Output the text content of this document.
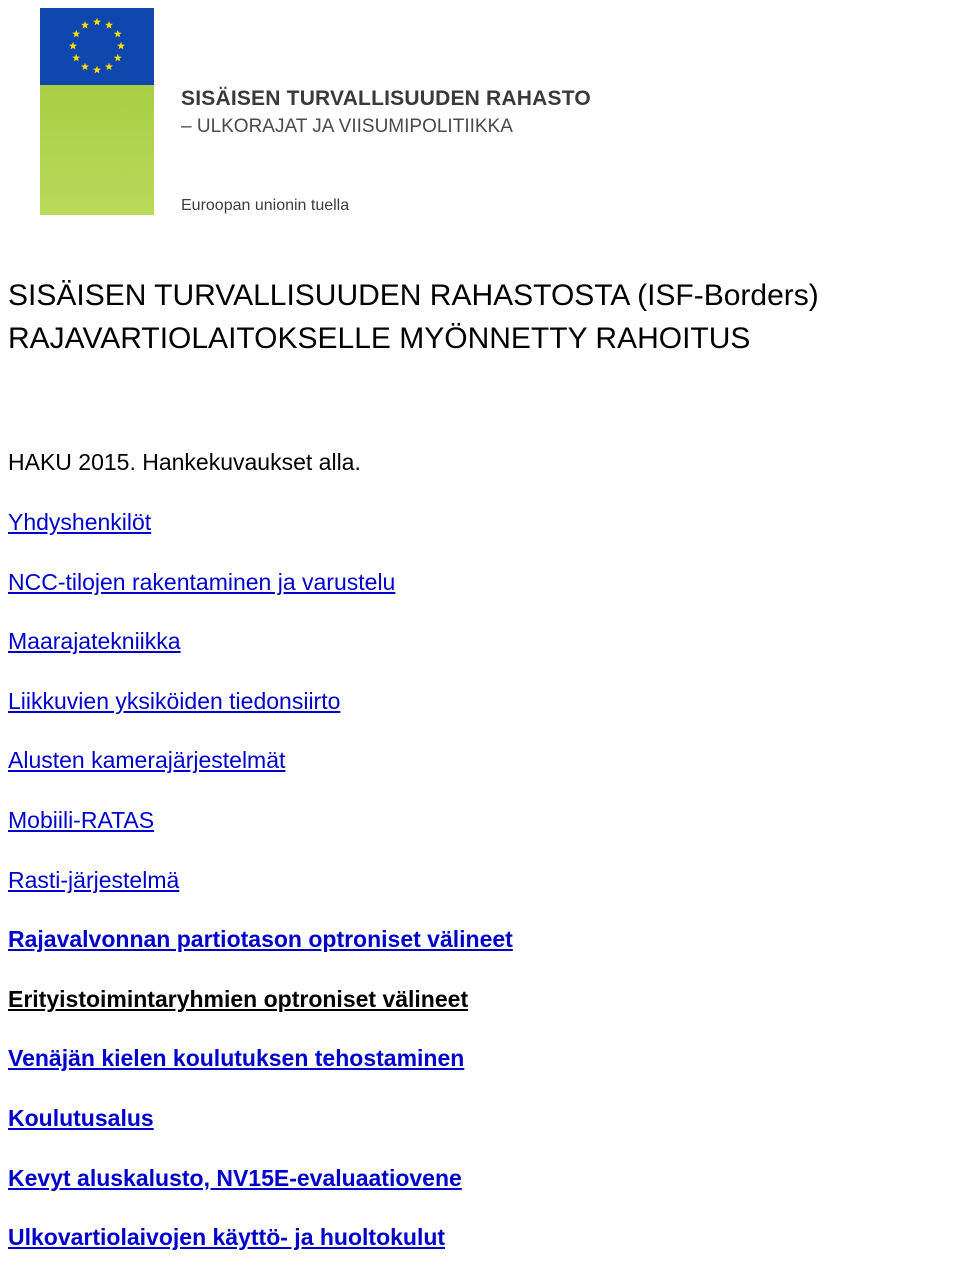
SISÄISEN TURVALLISUUDEN RAHASTO
– ULKORAJAT JA VIISUMIPOLITIIKKA
Euroopan unionin tuella
SISÄISEN TURVALLISUUDEN RAHASTOSTA (ISF-Borders)
RAJAVARTIOLAITOKSELLE MYÖNNETTY RAHOITUS
HAKU 2015. Hankekuvaukset alla.
Yhdyshenkilöt
NCC-tilojen rakentaminen ja varustelu
Maarajatekniikka
Liikkuvien yksiköiden tiedonsiirto
Alusten kamerajärjestelmät
Mobiili-RATAS
Rasti-järjestelmä
Rajavalvonnan partiotason optroniset välineet
Erityistoimintaryhmien optroniset välineet
Venäjän kielen koulutuksen tehostaminen
Koulutusalus
Kevyt aluskalusto, NV15E-evaluaatiovene
Ulkovartiolaivojen käyttö- ja huoltokulut
